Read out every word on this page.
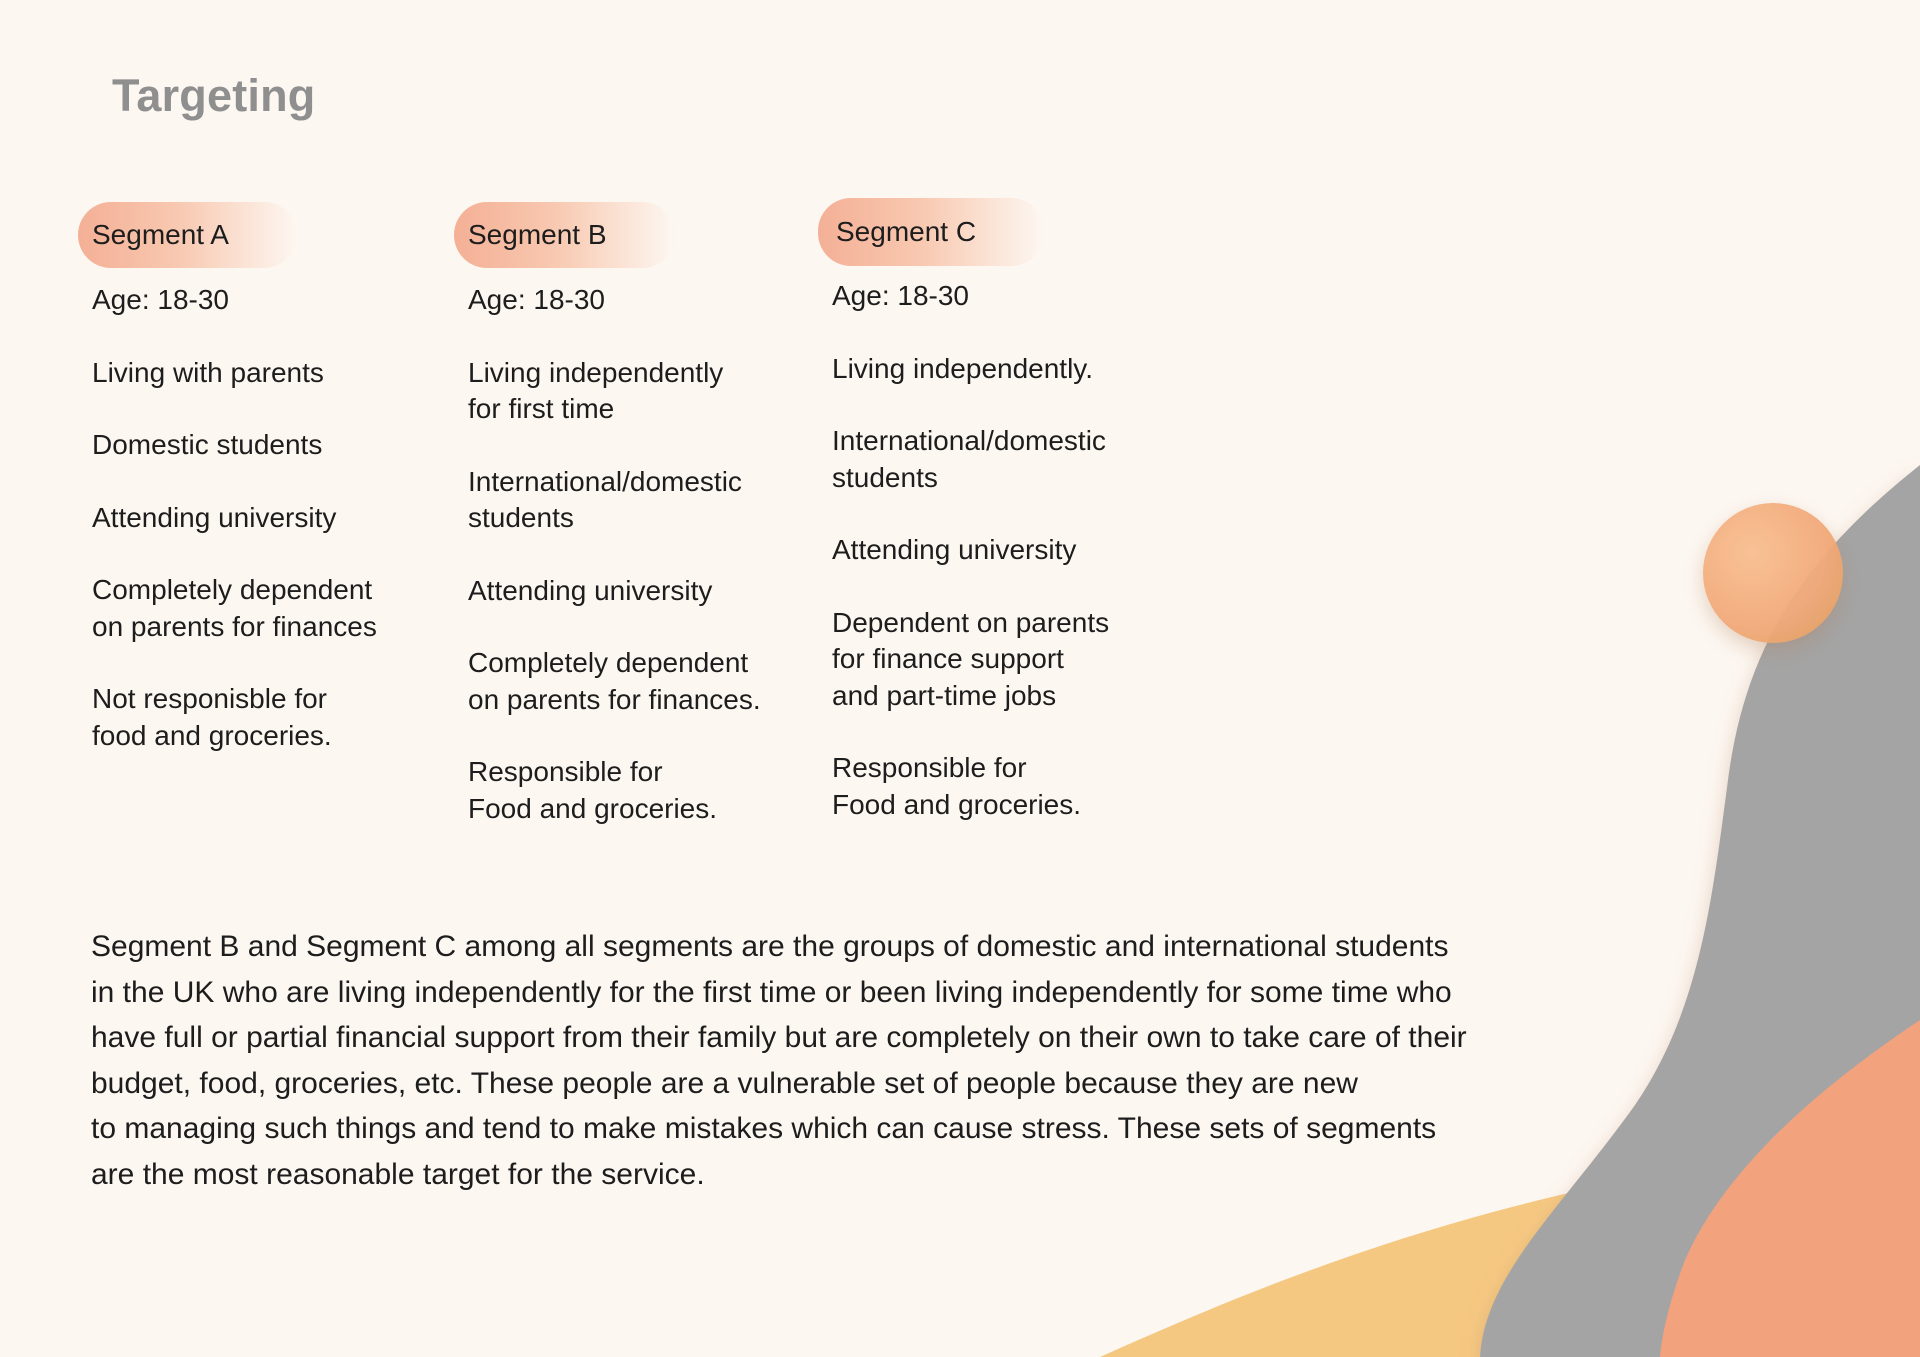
Targeting
Segment A
Age: 18-30
Living with parents
Domestic students
Attending university
Completely dependent
on parents for finances
Not responisble for
food and groceries.
Segment B
Age: 18-30
Living independently
for first time
International/domestic
students
Attending university
Completely dependent
on parents for finances.
Responsible for
Food and groceries.
Segment C
Age: 18-30
Living independently.
International/domestic
students
Attending university
Dependent on parents
for finance support
and part-time jobs
Responsible for
Food and groceries.

Segment B and Segment C among all segments are the groups of domestic and international students
in the UK who are living independently for the first time or been living independently for some time who
have full or partial financial support from their family but are completely on their own to take care of their
budget, food, groceries, etc. These people are a vulnerable set of people because they are new
to managing such things and tend to make mistakes which can cause stress. These sets of segments
are the most reasonable target for the service.
